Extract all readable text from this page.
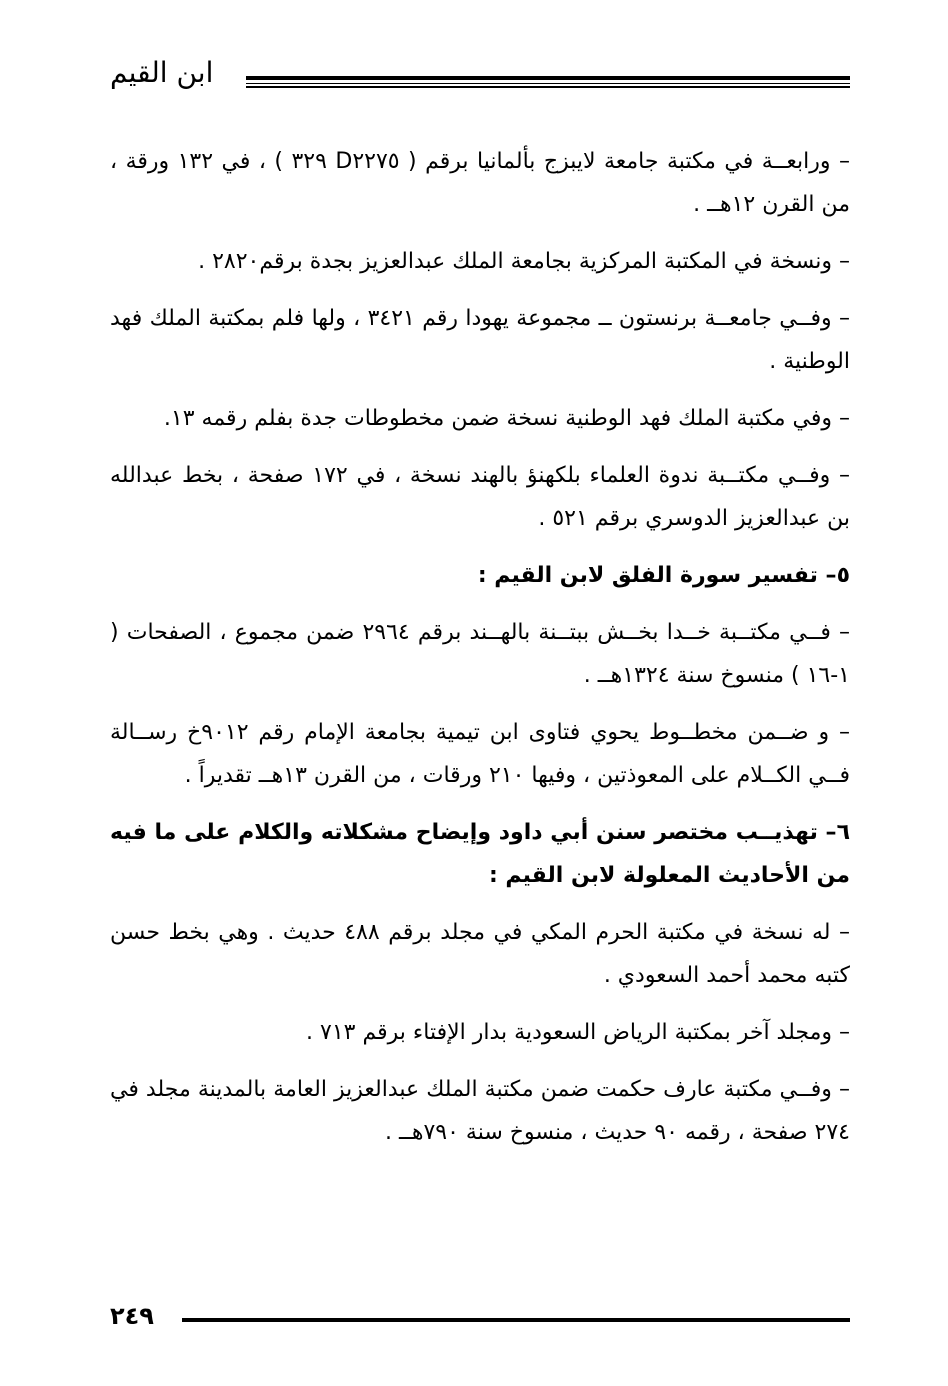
ابن القيم

– ورابعــة في مكتبة جامعة لايبزج بألمانيا برقم ( D٢٢٧٥ ٣٢٩ ) ، في ١٣٢ ورقة ، من القرن ١٢هــ .

– ونسخة في المكتبة المركزية بجامعة الملك عبدالعزيز بجدة برقم٢٨٢٠ .

– وفــي جامعــة برنستون ــ مجموعة يهودا رقم ٣٤٢١ ، ولها فلم بمكتبة الملك فهد الوطنية .

– وفي مكتبة الملك فهد الوطنية نسخة ضمن مخطوطات جدة بفلم رقمه ١٣.

– وفــي مكتــبة ندوة العلماء بلكهنؤ بالهند نسخة ، في ١٧٢ صفحة ، بخط عبدالله بن عبدالعزيز الدوسري برقم ٥٢١ .

٥– تفسير سورة الفلق لابن القيم :

– فــي مكتــبة خــدا بخــش ببتــنة بالهــند برقم ٢٩٦٤ ضمن مجموع ، الصفحات ( ١-١٦ ) منسوخ سنة ١٣٢٤هــ .

– و ضــمن مخطــوط يحوي فتاوى ابن تيمية بجامعة الإمام رقم ٩٠١٢خ رســالة فــي الكــلام على المعوذتين ، وفيها ٢١٠ ورقات ، من القرن ١٣هــ تقديراً .

٦– تهذيــب مختصر سنن أبي داود وإيضاح مشكلاته والكلام على ما فيه من الأحاديث المعلولة لابن القيم :

– له نسخة في مكتبة الحرم المكي في مجلد برقم ٤٨٨ حديث . وهي بخط حسن كتبه محمد أحمد السعودي .

– ومجلد آخر بمكتبة الرياض السعودية بدار الإفتاء برقم ٧١٣ .

– وفــي مكتبة عارف حكمت ضمن مكتبة الملك عبدالعزيز العامة بالمدينة مجلد في ٢٧٤ صفحة ، رقمه ٩٠ حديث ، منسوخ سنة ٧٩٠هــ .

٢٤٩
